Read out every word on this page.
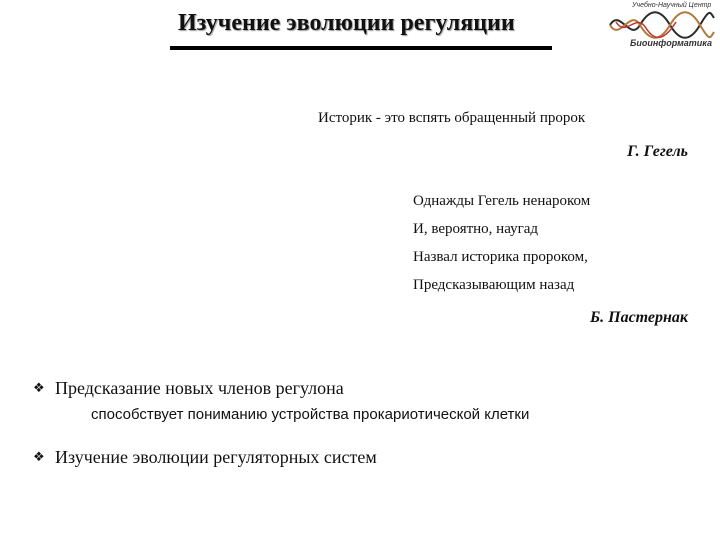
Изучение эволюции регуляции
Учебно-Научный Центр
Биоинформатика
Историк - это вспять обращенный пророк
Г. Гегель
Однажды Гегель ненароком
И, вероятно, наугад
Назвал историка пророком,
Предсказывающим назад
Б. Пастернак
❖ Предсказание новых членов регулона
способствует пониманию устройства прокариотической клетки
❖ Изучение эволюции регуляторных систем
